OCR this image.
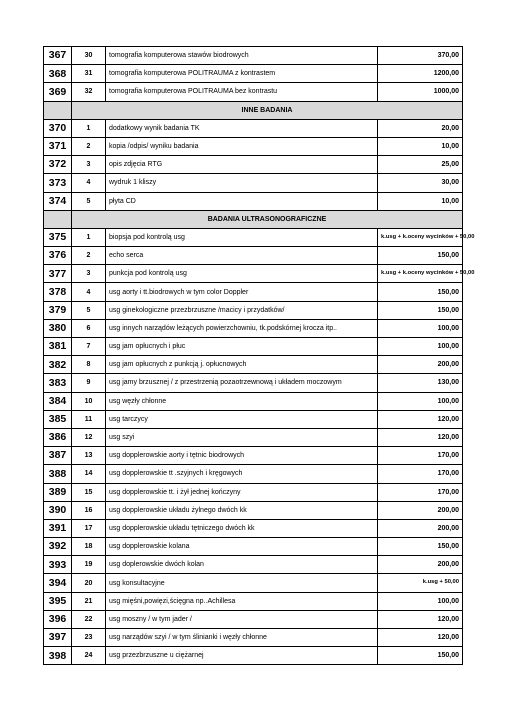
367	30	tomografia komputerowa stawów biodrowych	370,00
368	31	tomografia komputerowa POLITRAUMA z kontrastem	1200,00
369	32	tomografia komputerowa POLITRAUMA bez kontrastu	1000,00
	INNE BADANIA		
370	1	dodatkowy wynik badania TK	20,00
371	2	kopia /odpis/ wyniku badania	10,00
372	3	opis zdjęcia RTG	25,00
373	4	wydruk 1 kliszy	30,00
374	5	płyta CD	10,00
	BADANIA ULTRASONOGRAFICZNE		
375	1	biopsja pod kontrolą usg	k.usg + k.oceny wycinków + 50,00
376	2	echo serca	150,00
377	3	punkcja pod kontrolą usg	k.usg + k.oceny wycinków + 50,00
378	4	usg aorty i tt.biodrowych w tym color Doppler	150,00
379	5	usg ginekologiczne przezbrzuszne /macicy i przydatków/	150,00
380	6	usg innych narządów leżących powierzchowniu, tk.podskórnej krocza itp..	100,00
381	7	usg jam opłucnych i płuc	100,00
382	8	usg jam opłucnych z punkcją j. opłucnowych	200,00
383	9	usg jamy brzusznej / z przestrzenią pozaotrzewnową i układem moczowym	130,00
384	10	usg węzły chłonne	100,00
385	11	usg tarczycy	120,00
386	12	usg szyi	120,00
387	13	usg dopplerowskie aorty i tętnic biodrowych	170,00
388	14	usg dopplerowskie tt .szyjnych i kręgowych	170,00
389	15	usg dopplerowskie tt. i żył jednej kończyny	170,00
390	16	usg dopplerowskie układu żylnego dwóch kk	200,00
391	17	usg dopplerowskie układu tętniczego dwóch kk	200,00
392	18	usg dopplerowskie kolana	150,00
393	19	usg doplerowskie dwóch kolan	200,00
394	20	usg konsultacyjne	k.usg + 50,00
395	21	usg mięśni,powięzi,ścięgna np..Achillesa	100,00
396	22	usg moszny / w tym jader /	120,00
397	23	usg narządów szyi / w tym ślinianki i węzły chłonne	120,00
398	24	usg przezbrzuszne u ciężarnej	150,00
